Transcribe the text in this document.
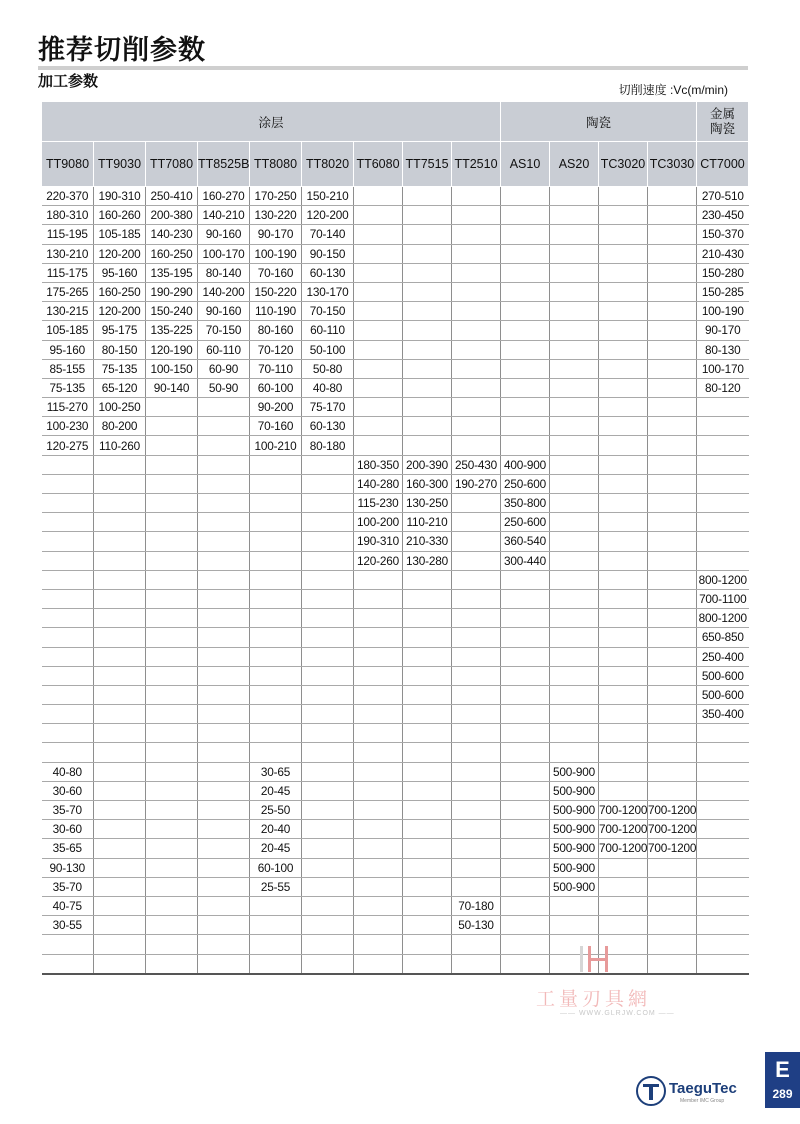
推荐切削参数
加工参数	切削速度 :Vc(m/min)
涂层									陶瓷				金属
陶瓷
TT9080	TT9030	TT7080	TT8525B	TT8080	TT8020	TT6080	TT7515	TT2510	AS10	AS20	TC3020	TC3030	CT7000
220-370	190-310	250-410	160-270	170-250	150-210								270-510
180-310	160-260	200-380	140-210	130-220	120-200								230-450
115-195	105-185	140-230	90-160	90-170	70-140								150-370
130-210	120-200	160-250	100-170	100-190	90-150								210-430
115-175	95-160	135-195	80-140	70-160	60-130								150-280
175-265	160-250	190-290	140-200	150-220	130-170								150-285
130-215	120-200	150-240	90-160	110-190	70-150								100-190
105-185	95-175	135-225	70-150	80-160	60-110								90-170
95-160	80-150	120-190	60-110	70-120	50-100								80-130
85-155	75-135	100-150	60-90	70-110	50-80								100-170
75-135	65-120	90-140	50-90	60-100	40-80								80-120
115-270	100-250			90-200	75-170								
100-230	80-200			70-160	60-130								
120-275	110-260			100-210	80-180								
						180-350	200-390	250-430	400-900				
						140-280	160-300	190-270	250-600				
						115-230	130-250		350-800				
						100-200	110-210		250-600				
						190-310	210-330		360-540				
						120-260	130-280		300-440				
													800-1200
													700-1100
													800-1200
													650-850
													250-400
													500-600
													500-600
													350-400

40-80				30-65						500-900			
30-60				20-45						500-900			
35-70				25-50						500-900	700-1200	700-1200	
30-60				20-40						500-900	700-1200	700-1200	
35-65				20-45						500-900	700-1200	700-1200	
90-130				60-100						500-900			
35-70				25-55						500-900			
40-75								70-180					
30-55								50-130					

工量刃具網
—— WWW.GLRJW.COM ——
TaeguTec
Member IMC Group
E
289
